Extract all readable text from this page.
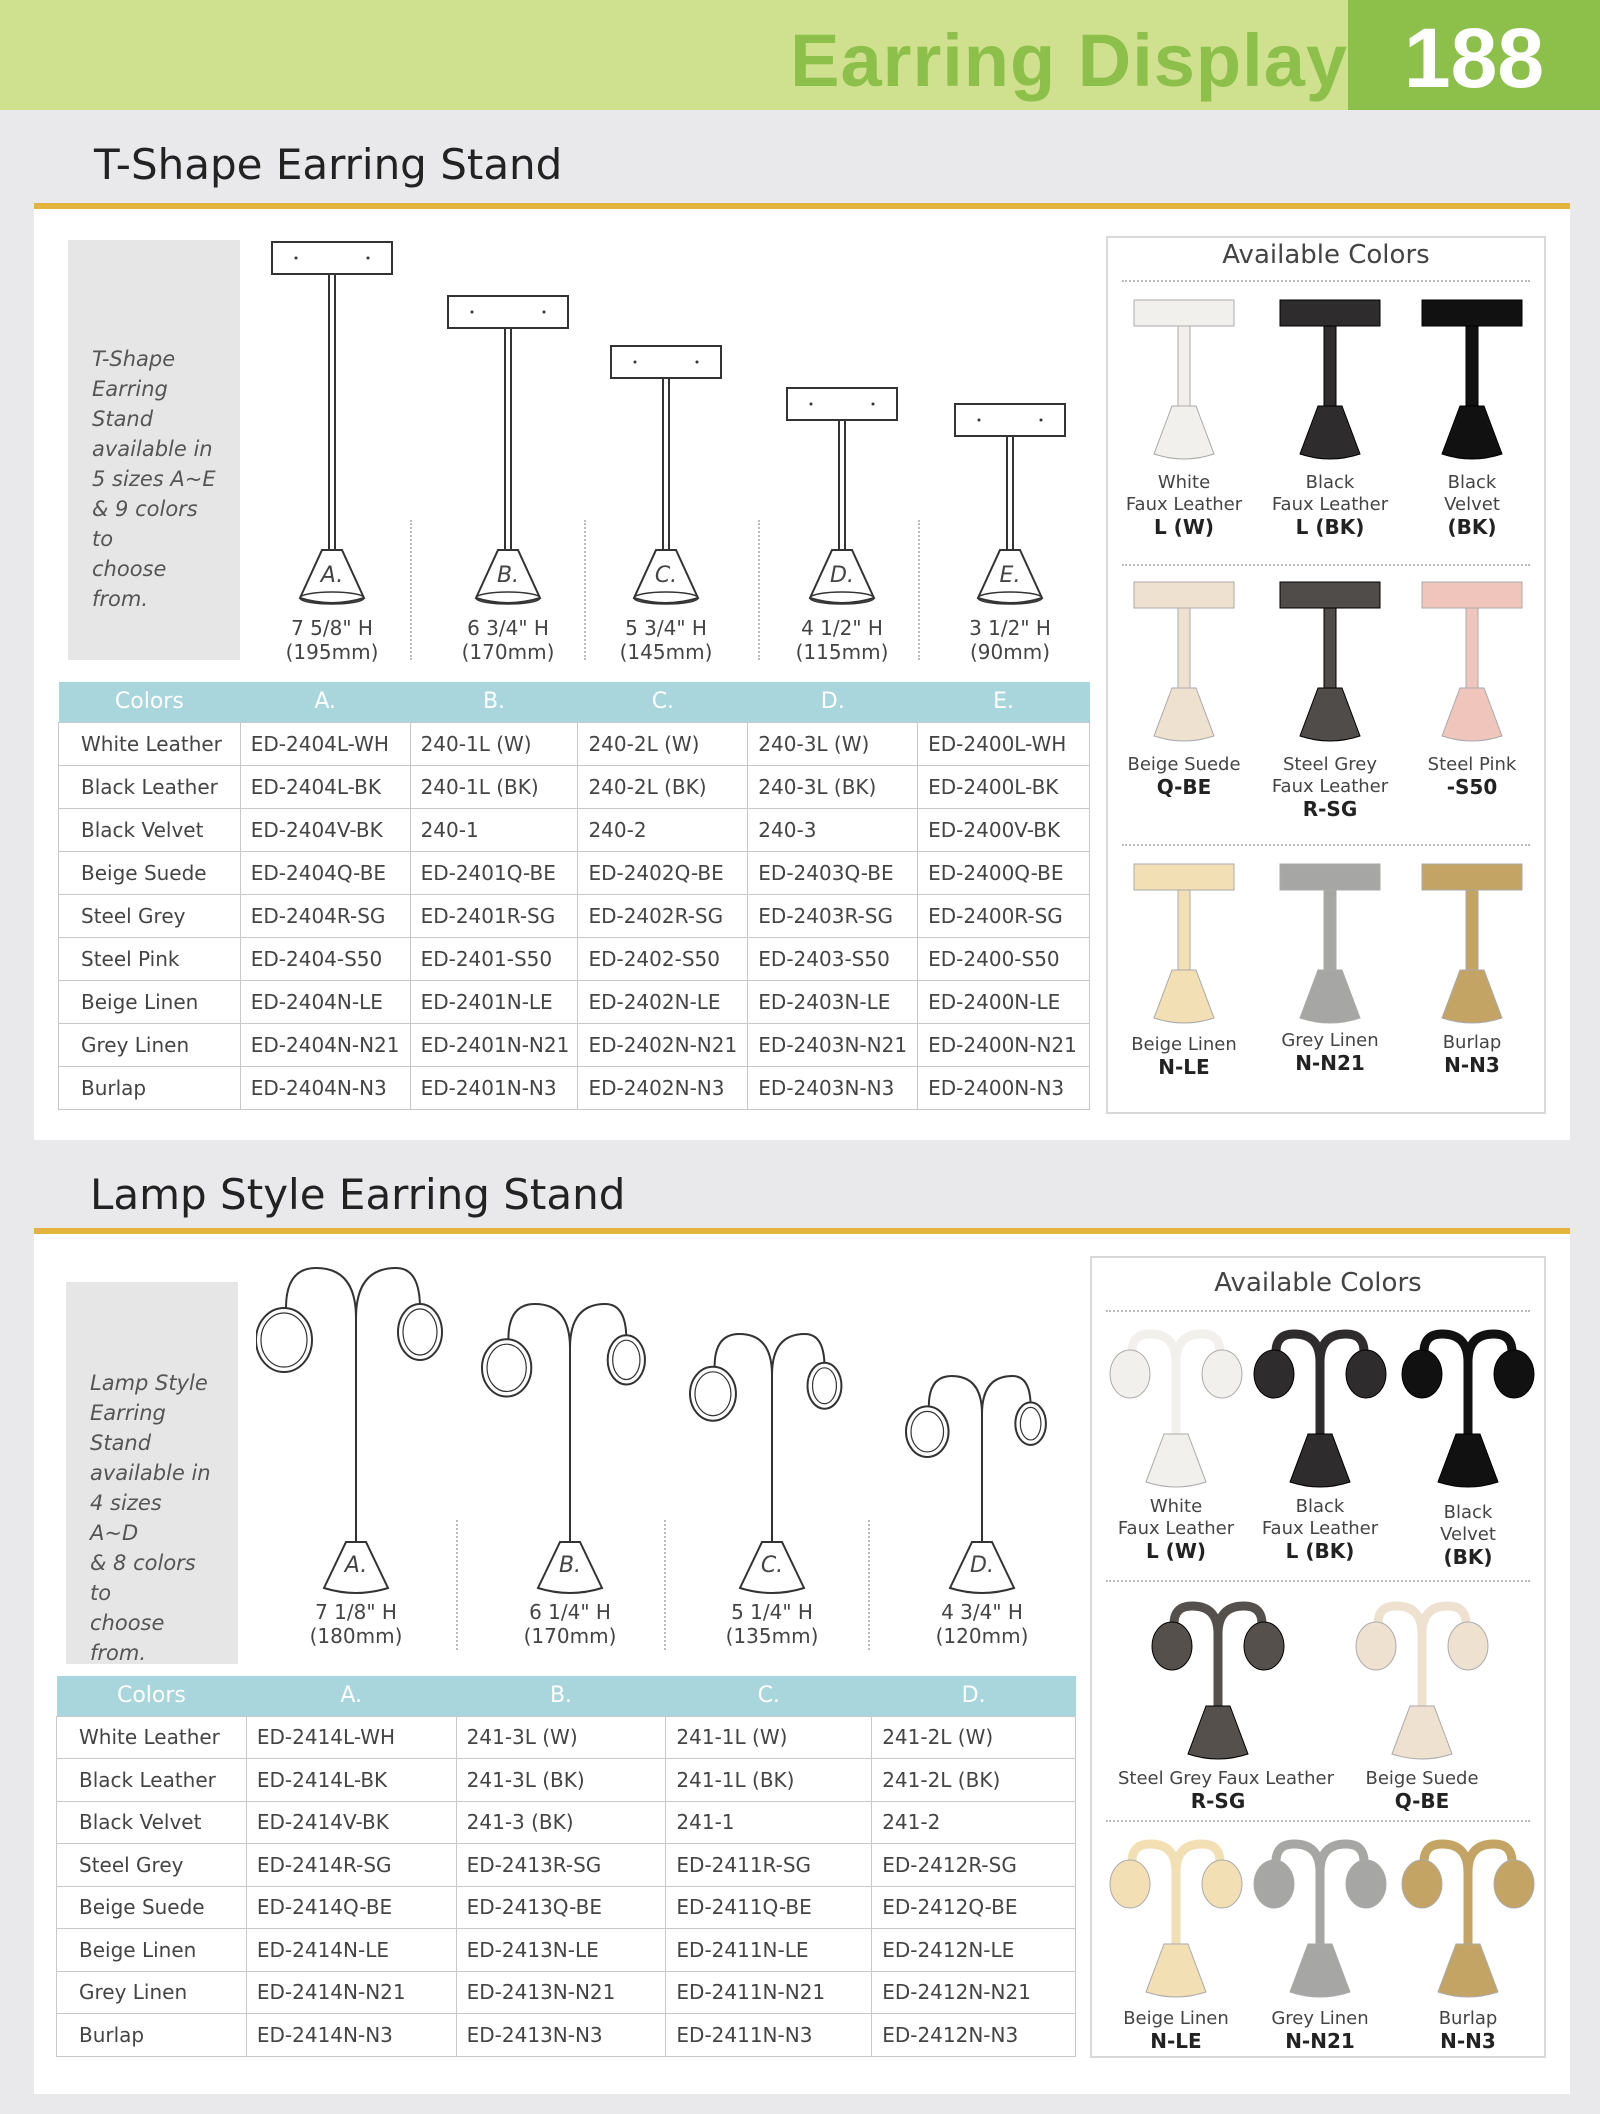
Earring Display 188
T-Shape Earring Stand

T-Shape

Earring Stand

available in

5 sizes A~E

& 9 colors to

choose from.

A.
7 5/8" H
(195mm)
B.
6 3/4" H
(170mm)
C.
5 3/4" H
(145mm)
D.
4 1/2" H
(115mm)
E.
3 1/2" H
(90mm)
Colors	A.	B.	C.	D.	E.
White Leather	ED-2404L-WH	240-1L (W)	240-2L (W)	240-3L (W)	ED-2400L-WH
Black Leather	ED-2404L-BK	240-1L (BK)	240-2L (BK)	240-3L (BK)	ED-2400L-BK
Black Velvet	ED-2404V-BK	240-1	240-2	240-3	ED-2400V-BK
Beige Suede	ED-2404Q-BE	ED-2401Q-BE	ED-2402Q-BE	ED-2403Q-BE	ED-2400Q-BE
Steel Grey	ED-2404R-SG	ED-2401R-SG	ED-2402R-SG	ED-2403R-SG	ED-2400R-SG
Steel Pink	ED-2404-S50	ED-2401-S50	ED-2402-S50	ED-2403-S50	ED-2400-S50
Beige Linen	ED-2404N-LE	ED-2401N-LE	ED-2402N-LE	ED-2403N-LE	ED-2400N-LE
Grey Linen	ED-2404N-N21	ED-2401N-N21	ED-2402N-N21	ED-2403N-N21	ED-2400N-N21
Burlap	ED-2404N-N3	ED-2401N-N3	ED-2402N-N3	ED-2403N-N3	ED-2400N-N3
Available Colors
White
Faux Leather
L (W)
Black
Faux Leather
L (BK)
Black
Velvet
(BK)
Beige Suede
Q-BE
Steel Grey
Faux Leather
R-SG
Steel Pink
-S50
Beige Linen
N-LE
Grey Linen
N-N21
Burlap
N-N3
Lamp Style Earring Stand

Lamp Style

Earring Stand

available in

4 sizes A~D

& 8 colors to

choose from.

A.
7 1/8" H
(180mm)
B.
6 1/4" H
(170mm)
C.
5 1/4" H
(135mm)
D.
4 3/4" H
(120mm)
Colors	A.	B.	C.	D.
White Leather	ED-2414L-WH	241-3L (W)	241-1L (W)	241-2L (W)
Black Leather	ED-2414L-BK	241-3L (BK)	241-1L (BK)	241-2L (BK)
Black Velvet	ED-2414V-BK	241-3 (BK)	241-1	241-2
Steel Grey	ED-2414R-SG	ED-2413R-SG	ED-2411R-SG	ED-2412R-SG
Beige Suede	ED-2414Q-BE	ED-2413Q-BE	ED-2411Q-BE	ED-2412Q-BE
Beige Linen	ED-2414N-LE	ED-2413N-LE	ED-2411N-LE	ED-2412N-LE
Grey Linen	ED-2414N-N21	ED-2413N-N21	ED-2411N-N21	ED-2412N-N21
Burlap	ED-2414N-N3	ED-2413N-N3	ED-2411N-N3	ED-2412N-N3
Available Colors
White
Faux Leather
L (W)
Black
Faux Leather
L (BK)
Black
Velvet
(BK)
Steel Grey Faux Leather
R-SG
Beige Suede
Q-BE
Beige Linen
N-LE
Grey Linen
N-N21
Burlap
N-N3
